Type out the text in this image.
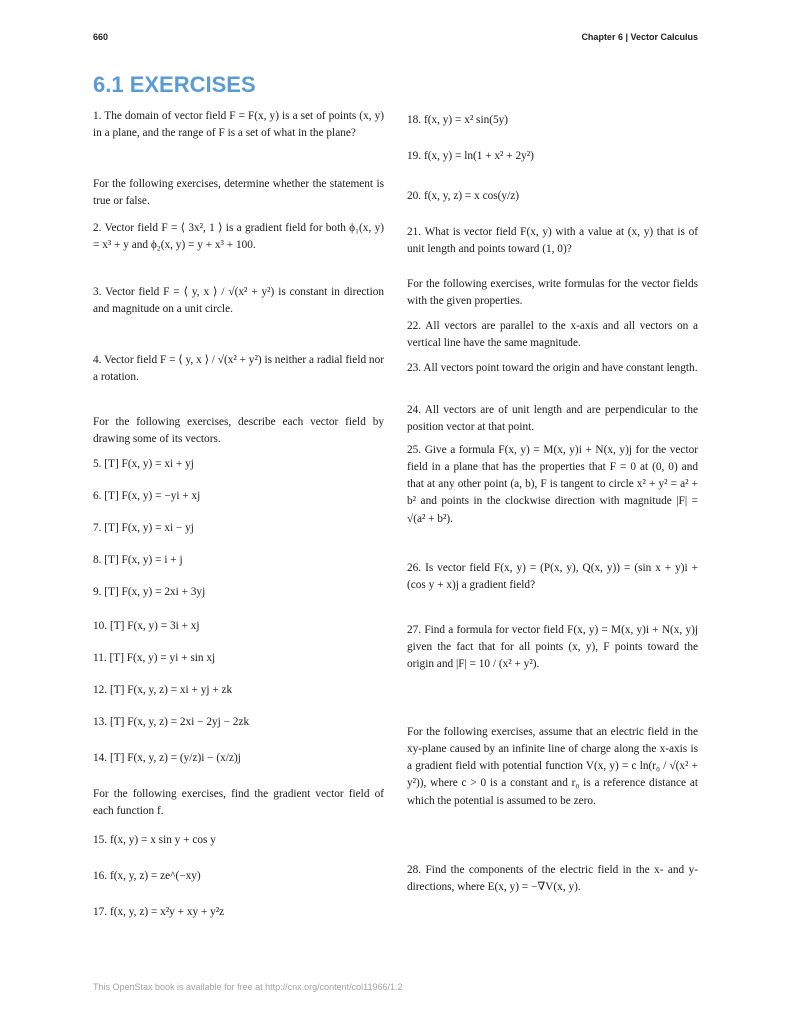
660	Chapter 6 | Vector Calculus
6.1 EXERCISES
1. The domain of vector field F = F(x, y) is a set of points (x, y) in a plane, and the range of F is a set of what in the plane?
For the following exercises, determine whether the statement is true or false.
2. Vector field F = ⟨ 3x², 1 ⟩ is a gradient field for both ϕ₁(x, y) = x³ + y and ϕ₂(x, y) = y + x³ + 100.
3. Vector field F = ⟨ y, x ⟩ / √(x² + y²) is constant in direction and magnitude on a unit circle.
4. Vector field F = ⟨ y, x ⟩ / √(x² + y²) is neither a radial field nor a rotation.
For the following exercises, describe each vector field by drawing some of its vectors.
5. [T] F(x, y) = xi + yj
6. [T] F(x, y) = −yi + xj
7. [T] F(x, y) = xi − yj
8. [T] F(x, y) = i + j
9. [T] F(x, y) = 2xi + 3yj
10. [T] F(x, y) = 3i + xj
11. [T] F(x, y) = yi + sin xj
12. [T] F(x, y, z) = xi + yj + zk
13. [T] F(x, y, z) = 2xi − 2yj − 2zk
14. [T] F(x, y, z) = (y/z)i − (x/z)j
For the following exercises, find the gradient vector field of each function f.
15. f(x, y) = x sin y + cos y
16. f(x, y, z) = ze^(−xy)
17. f(x, y, z) = x²y + xy + y²z
18. f(x, y) = x² sin(5y)
19. f(x, y) = ln(1 + x² + 2y²)
20. f(x, y, z) = x cos(y/z)
21. What is vector field F(x, y) with a value at (x, y) that is of unit length and points toward (1, 0)?
For the following exercises, write formulas for the vector fields with the given properties.
22. All vectors are parallel to the x-axis and all vectors on a vertical line have the same magnitude.
23. All vectors point toward the origin and have constant length.
24. All vectors are of unit length and are perpendicular to the position vector at that point.
25. Give a formula F(x, y) = M(x, y)i + N(x, y)j for the vector field in a plane that has the properties that F = 0 at (0, 0) and that at any other point (a, b), F is tangent to circle x² + y² = a² + b² and points in the clockwise direction with magnitude |F| = √(a² + b²).
26. Is vector field F(x, y) = (P(x, y), Q(x, y)) = (sin x + y)i + (cos y + x)j a gradient field?
27. Find a formula for vector field F(x, y) = M(x, y)i + N(x, y)j given the fact that for all points (x, y), F points toward the origin and |F| = 10 / (x² + y²).
For the following exercises, assume that an electric field in the xy-plane caused by an infinite line of charge along the x-axis is a gradient field with potential function V(x, y) = c ln(r₀ / √(x² + y²)), where c > 0 is a constant and r₀ is a reference distance at which the potential is assumed to be zero.
28. Find the components of the electric field in the x- and y-directions, where E(x, y) = −∇V(x, y).
This OpenStax book is available for free at http://cnx.org/content/col11966/1.2
